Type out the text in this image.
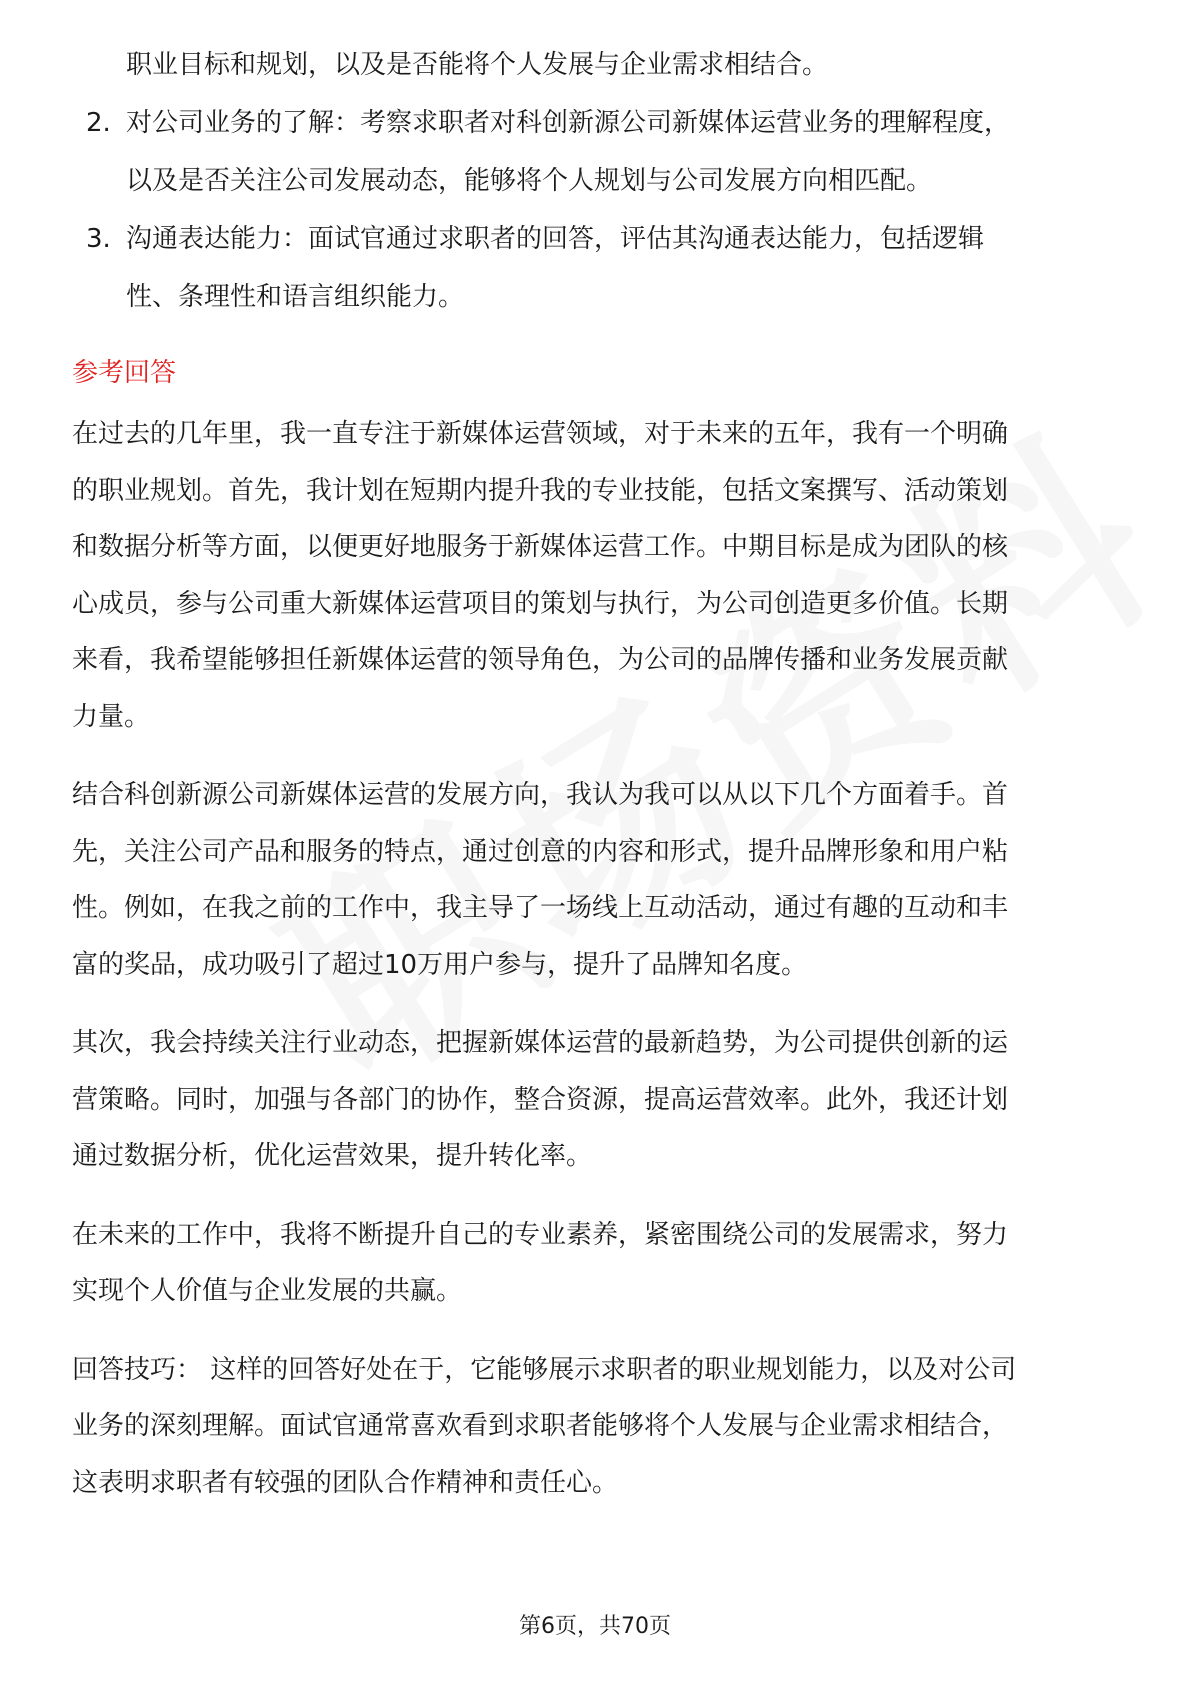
职业目标和规划，以及是否能将个人发展与企业需求相结合。

2. 对公司业务的了解：考察求职者对科创新源公司新媒体运营业务的理解程度，

以及是否关注公司发展动态，能够将个人规划与公司发展方向相匹配。

3. 沟通表达能力：面试官通过求职者的回答，评估其沟通表达能力，包括逻辑

性、条理性和语言组织能力。

参考回答

在过去的几年里，我一直专注于新媒体运营领域，对于未来的五年，我有一个明确

的职业规划。首先，我计划在短期内提升我的专业技能，包括文案撰写、活动策划

和数据分析等方面，以便更好地服务于新媒体运营工作。中期目标是成为团队的核

心成员，参与公司重大新媒体运营项目的策划与执行，为公司创造更多价值。长期

来看，我希望能够担任新媒体运营的领导角色，为公司的品牌传播和业务发展贡献

力量。

结合科创新源公司新媒体运营的发展方向，我认为我可以从以下几个方面着手。首

先，关注公司产品和服务的特点，通过创意的内容和形式，提升品牌形象和用户粘

性。例如，在我之前的工作中，我主导了一场线上互动活动，通过有趣的互动和丰

富的奖品，成功吸引了超过10万用户参与，提升了品牌知名度。

其次，我会持续关注行业动态，把握新媒体运营的最新趋势，为公司提供创新的运

营策略。同时，加强与各部门的协作，整合资源，提高运营效率。此外，我还计划

通过数据分析，优化运营效果，提升转化率。

在未来的工作中，我将不断提升自己的专业素养，紧密围绕公司的发展需求，努力

实现个人价值与企业发展的共赢。

回答技巧： 这样的回答好处在于，它能够展示求职者的职业规划能力，以及对公司

业务的深刻理解。面试官通常喜欢看到求职者能够将个人发展与企业需求相结合，

这表明求职者有较强的团队合作精神和责任心。

第6页，共70页
